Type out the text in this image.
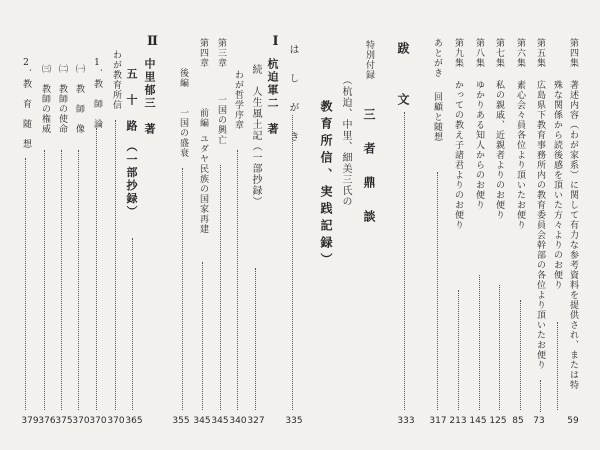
第四集
著述内容（わが家系）に関して有力な参考資料を提供され、または特
殊な関係から読後感を頂いた方々よりのお便り
59
第五集
広島県下教育事務所内の教育委員会幹部の各位より頂いたお便り
73
第六集
素心会々員各位より頂いたお便り
85
第七集
私の親戚、近親者よりのお便り
125
第八集
ゆかりある知人からのお便り
145
第九集
かっての教え子諸君よりのお便り
213
あとがき
回顧と随想
317
跋　　文
333
特別付録
三　者　鼎　談
（杭迫、中里、細美三氏の
教育所信、実践記録）
は し が き
335
Ⅰ
杭迫軍二　著
続　人生風土記（一部抄録）
327
わが哲学序章
340
第三章
一国の興亡
345
第四章
前編
ユダヤ民族の国家再建
345
後編
一国の盛衰
355
Ⅱ
中里郁三　著
五　十　路　（一部抄録）
365
わが教育所信
370
1．教　師　論
370
㈠　教　師　像
370
㈡　教師の使命
375
㈢　教師の権威
376
2．教　育　随　想
379
